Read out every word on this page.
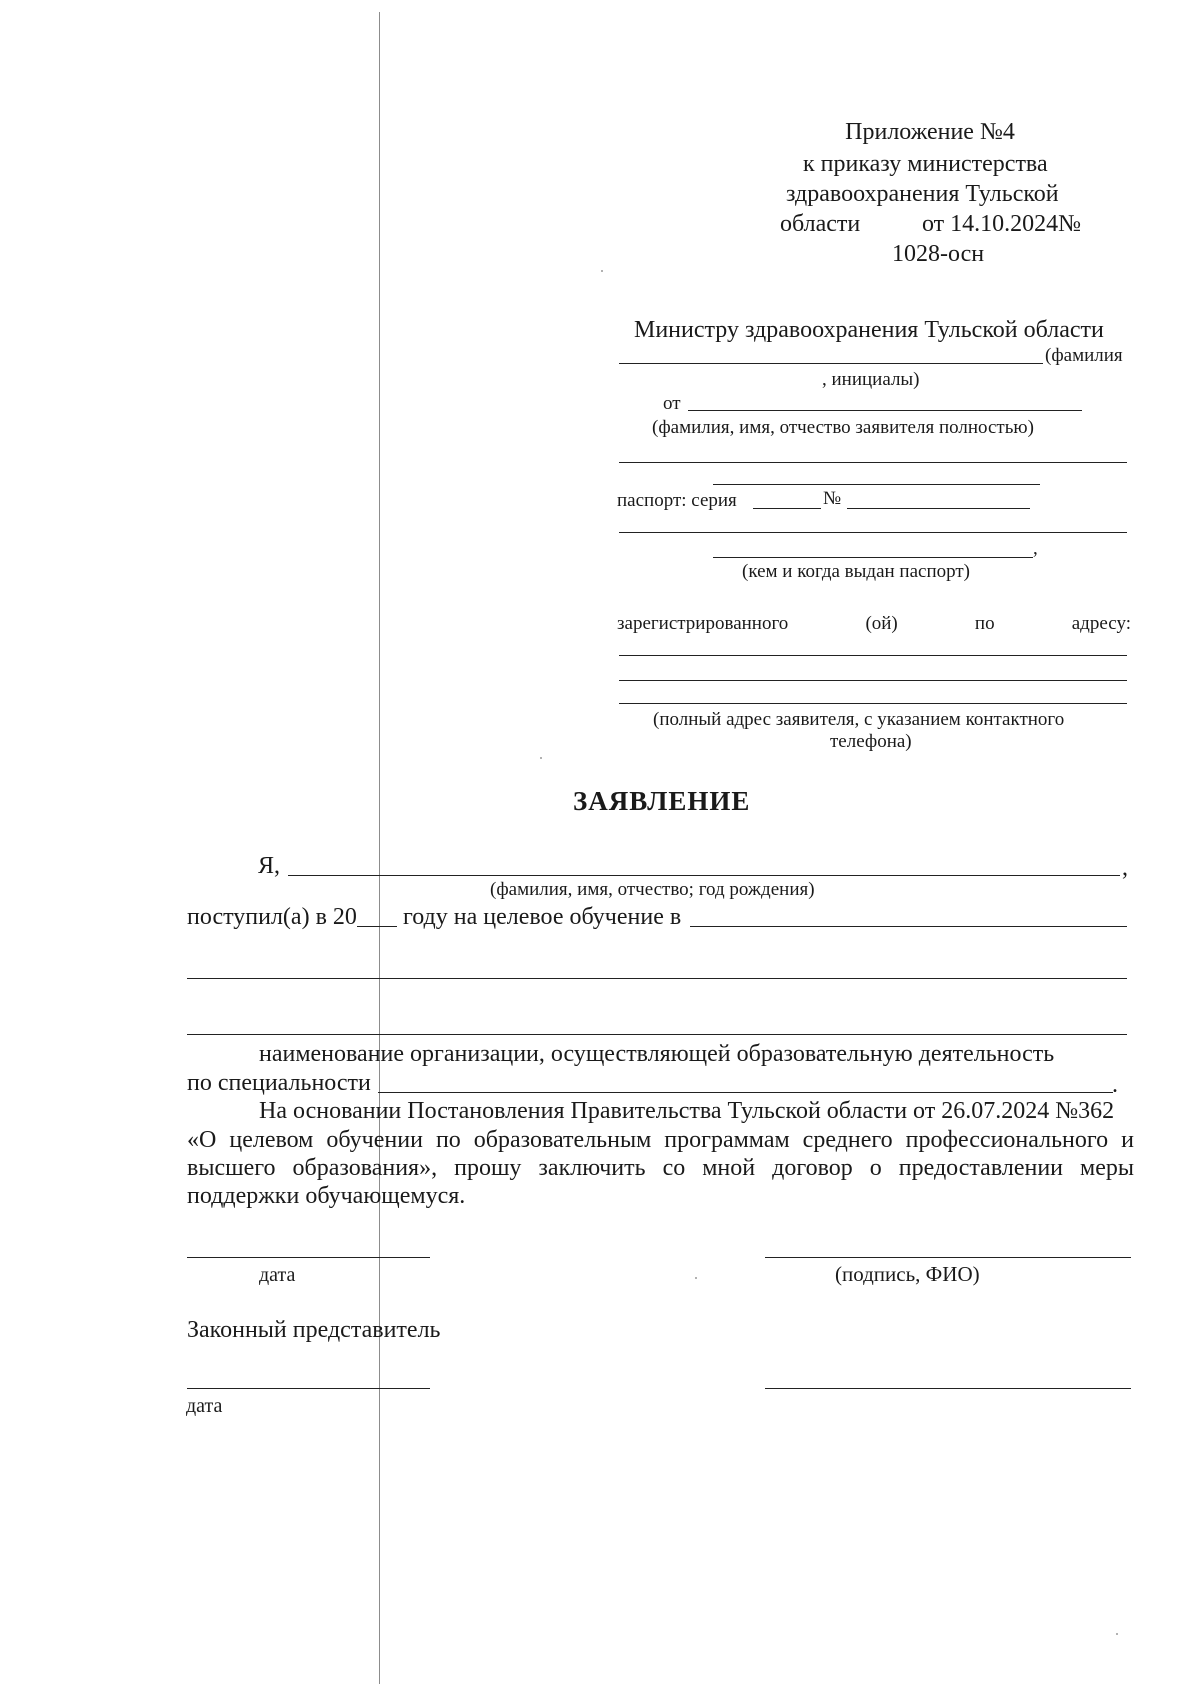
Приложение №4
к приказу министерства
здравоохранения Тульской
области	от 14.10.2024№
1028-осн
Министру здравоохранения Тульской области
(фамилия
, инициалы)
от
(фамилия, имя, отчество заявителя полностью)
паспорт: серия	№
,
(кем и когда выдан паспорт)
зарегистрированного	(ой)	по	адресу:
(полный адрес заявителя, с указанием контактного
телефона)
ЗАЯВЛЕНИЕ
Я,	,
(фамилия, имя, отчество; год рождения)
поступил(а) в 20 году на целевое обучение в
наименование организации, осуществляющей образовательную деятельность
по специальности	.
На основании Постановления Правительства Тульской области от 26.07.2024 №362
«О целевом обучении по образовательным программам среднего профессионального и
высшего образования», прошу заключить со мной договор о предоставлении меры
поддержки обучающемуся.
дата	(подпись, ФИО)
Законный представитель
дата
